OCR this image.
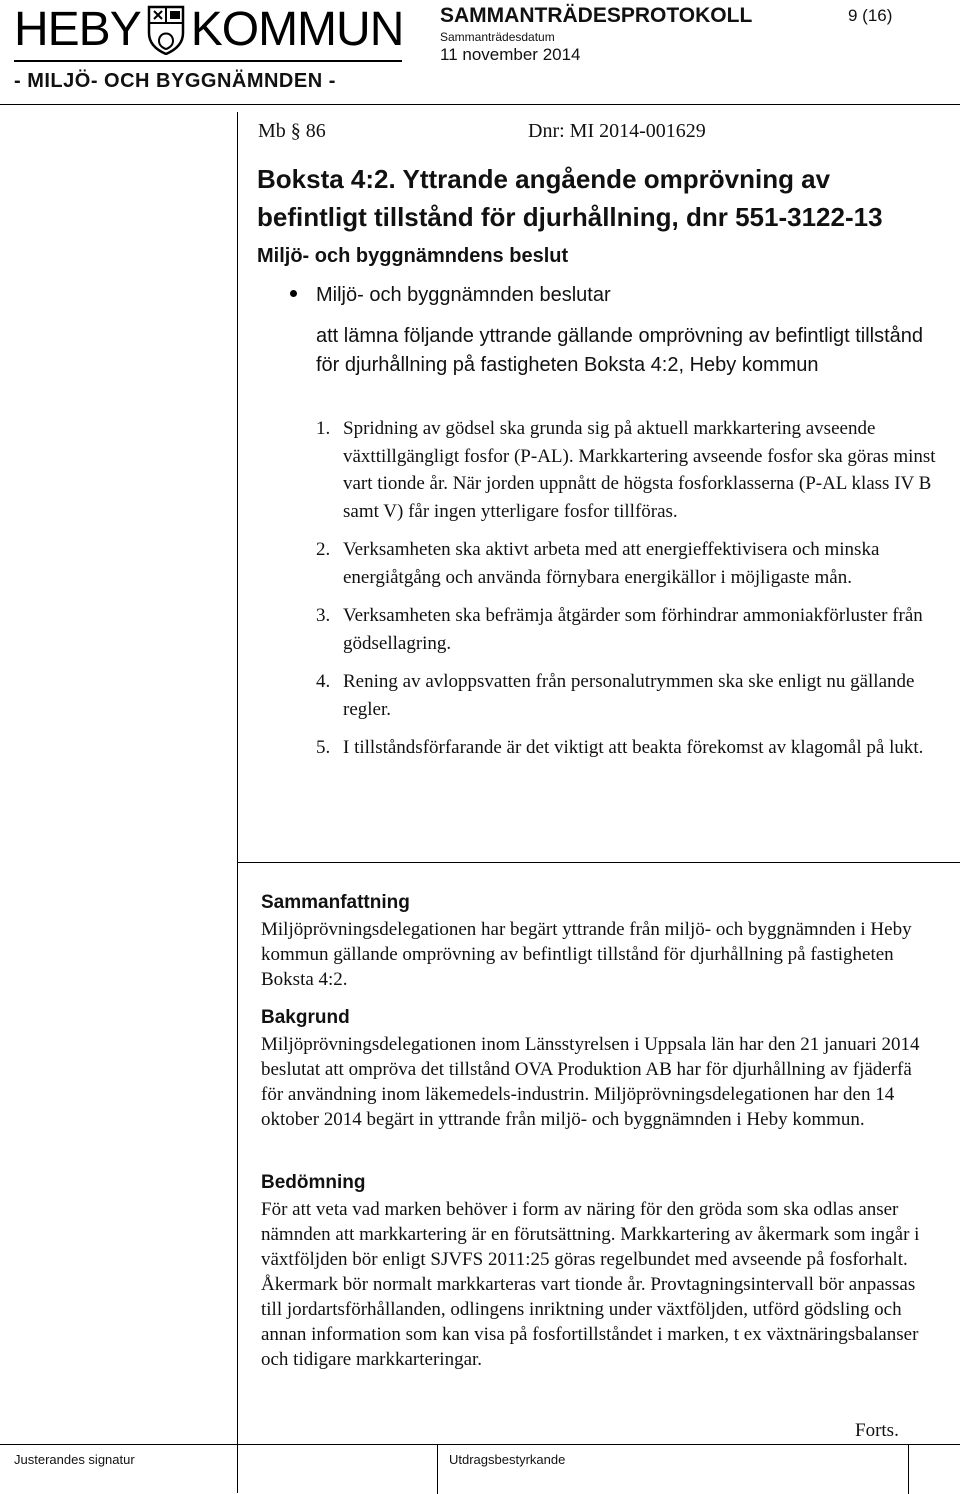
HEBY KOMMUN
- MILJÖ- OCH BYGGNÄMNDEN -
SAMMANTRÄDESPROTOKOLL	9 (16)
Sammanträdesdatum
11 november 2014
Mb § 86	Dnr: MI 2014-001629
Boksta 4:2. Yttrande angående omprövning av befintligt tillstånd för djurhållning, dnr 551-3122-13
Miljö- och byggnämndens beslut
Miljö- och byggnämnden beslutar
att lämna följande yttrande gällande omprövning av befintligt tillstånd för djurhållning på fastigheten Boksta 4:2, Heby kommun
1. Spridning av gödsel ska grunda sig på aktuell markkartering avseende växttillgängligt fosfor (P-AL). Markkartering avseende fosfor ska göras minst vart tionde år. När jorden uppnått de högsta fosforklasserna (P-AL klass IV B samt V) får ingen ytterligare fosfor tillföras.
2. Verksamheten ska aktivt arbeta med att energieffektivisera och minska energiåtgång och använda förnybara energikällor i möjligaste mån.
3. Verksamheten ska befrämja åtgärder som förhindrar ammoniakförluster från gödsellagring.
4. Rening av avloppsvatten från personalutrymmen ska ske enligt nu gällande regler.
5. I tillståndsförfarande är det viktigt att beakta förekomst av klagomål på lukt.
Sammanfattning
Miljöprövningsdelegationen har begärt yttrande från miljö- och byggnämnden i Heby kommun gällande omprövning av befintligt tillstånd för djurhållning på fastigheten Boksta 4:2.
Bakgrund
Miljöprövningsdelegationen inom Länsstyrelsen i Uppsala län har den 21 januari 2014 beslutat att ompröva det tillstånd OVA Produktion AB har för djurhållning av fjäderfä för användning inom läkemedels-industrin. Miljöprövningsdelegationen har den 14 oktober 2014 begärt in yttrande från miljö- och byggnämnden i Heby kommun.
Bedömning
För att veta vad marken behöver i form av näring för den gröda som ska odlas anser nämnden att markkartering är en förutsättning. Markkartering av åkermark som ingår i växtföljden bör enligt SJVFS 2011:25 göras regelbundet med avseende på fosforhalt. Åkermark bör normalt markkarteras vart tionde år. Provtagningsintervall bör anpassas till jordartsförhållanden, odlingens inriktning under växtföljden, utförd gödsling och annan information som kan visa på fosfortillståndet i marken, t ex växtnäringsbalanser och tidigare markkarteringar.
Forts.
Justerandes signatur	Utdragsbestyrkande
